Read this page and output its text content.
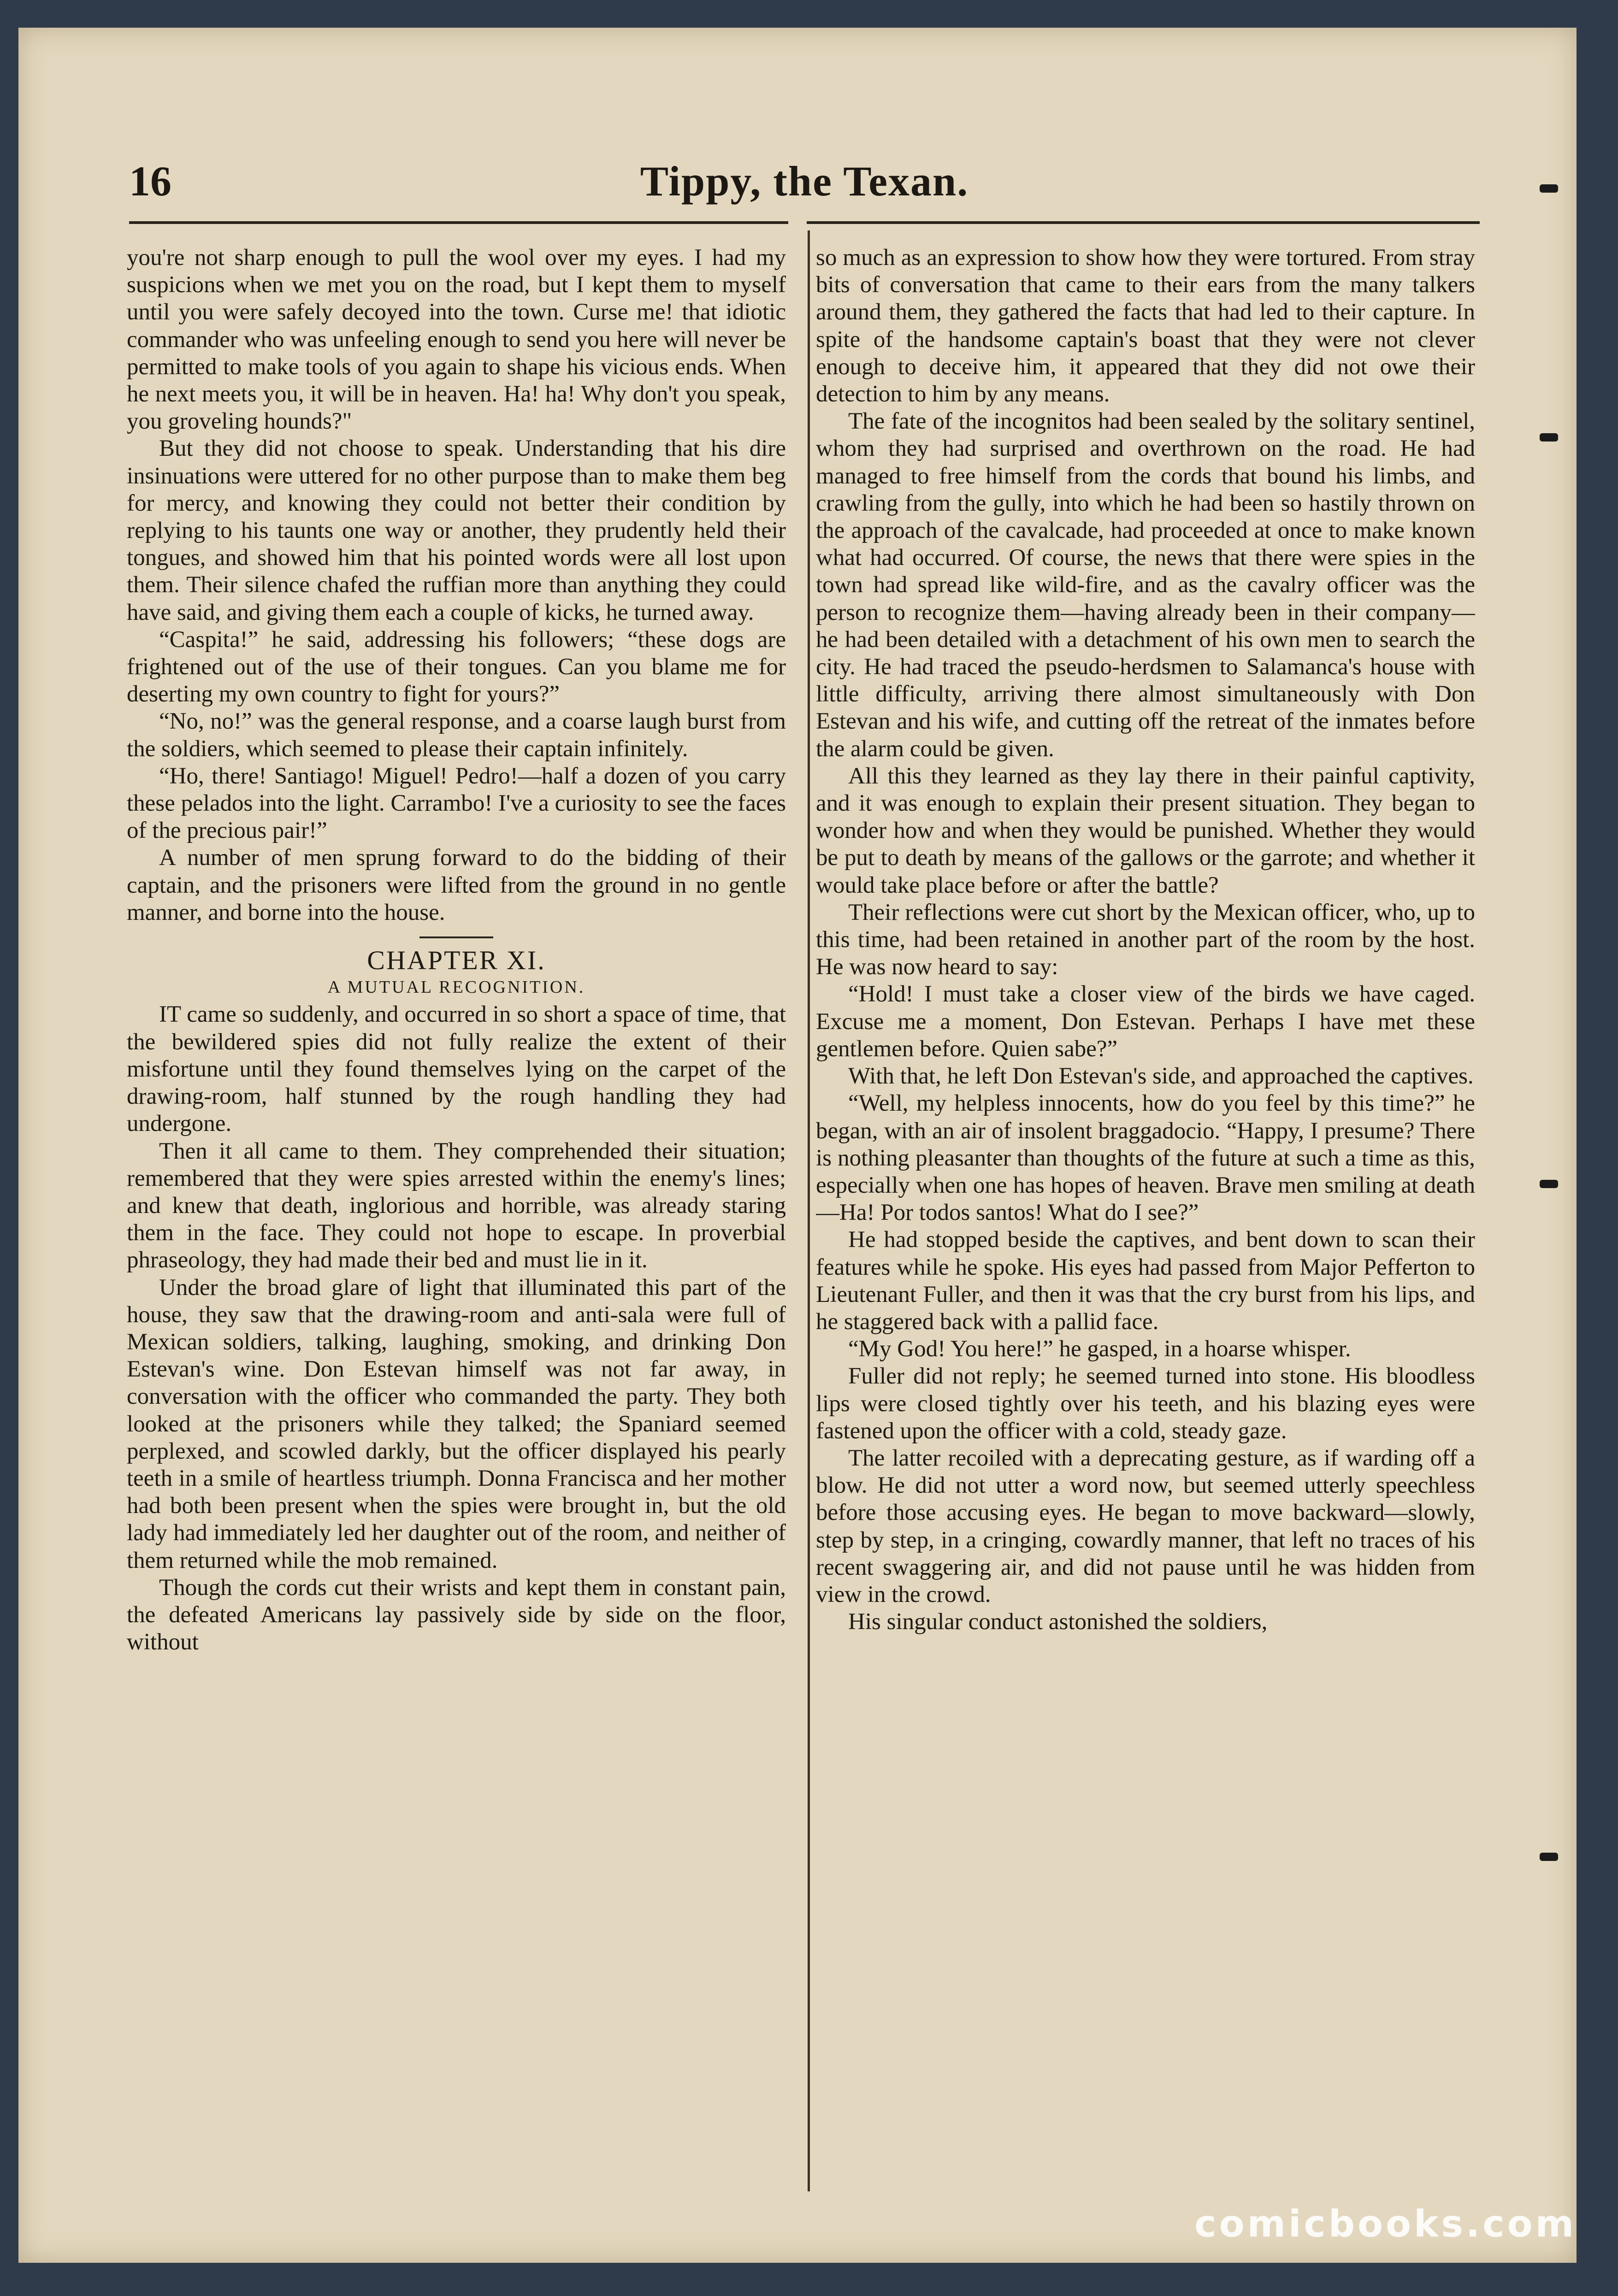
16	Tippy, the Texan.

you're not sharp enough to pull the wool over my eyes. I had my suspicions when we met you on the road, but I kept them to myself until you were safely decoyed into the town. Curse me! that idiotic commander who was unfeeling enough to send you here will never be permitted to make tools of you again to shape his vicious ends. When he next meets you, it will be in heaven. Ha! ha! Why don't you speak, you groveling hounds?"

But they did not choose to speak. Understanding that his dire insinuations were uttered for no other purpose than to make them beg for mercy, and knowing they could not better their condition by replying to his taunts one way or another, they prudently held their tongues, and showed him that his pointed words were all lost upon them. Their silence chafed the ruffian more than anything they could have said, and giving them each a couple of kicks, he turned away.

“Caspita!” he said, addressing his followers; “these dogs are frightened out of the use of their tongues. Can you blame me for deserting my own country to fight for yours?”

“No, no!” was the general response, and a coarse laugh burst from the soldiers, which seemed to please their captain infinitely.

“Ho, there! Santiago! Miguel! Pedro!—half a dozen of you carry these pelados into the light. Carrambo! I've a curiosity to see the faces of the precious pair!”

A number of men sprung forward to do the bidding of their captain, and the prisoners were lifted from the ground in no gentle manner, and borne into the house.

CHAPTER XI.

A MUTUAL RECOGNITION.

IT came so suddenly, and occurred in so short a space of time, that the bewildered spies did not fully realize the extent of their misfortune until they found themselves lying on the carpet of the drawing-room, half stunned by the rough handling they had undergone.

Then it all came to them. They comprehended their situation; remembered that they were spies arrested within the enemy's lines; and knew that death, inglorious and horrible, was already staring them in the face. They could not hope to escape. In proverbial phraseology, they had made their bed and must lie in it.

Under the broad glare of light that illuminated this part of the house, they saw that the drawing-room and anti-sala were full of Mexican soldiers, talking, laughing, smoking, and drinking Don Estevan's wine. Don Estevan himself was not far away, in conversation with the officer who commanded the party. They both looked at the prisoners while they talked; the Spaniard seemed perplexed, and scowled darkly, but the officer displayed his pearly teeth in a smile of heartless triumph. Donna Francisca and her mother had both been present when the spies were brought in, but the old lady had immediately led her daughter out of the room, and neither of them returned while the mob remained.

Though the cords cut their wrists and kept them in constant pain, the defeated Americans lay passively side by side on the floor, without

so much as an expression to show how they were tortured. From stray bits of conversation that came to their ears from the many talkers around them, they gathered the facts that had led to their capture. In spite of the handsome captain's boast that they were not clever enough to deceive him, it appeared that they did not owe their detection to him by any means.

The fate of the incognitos had been sealed by the solitary sentinel, whom they had surprised and overthrown on the road. He had managed to free himself from the cords that bound his limbs, and crawling from the gully, into which he had been so hastily thrown on the approach of the cavalcade, had proceeded at once to make known what had occurred. Of course, the news that there were spies in the town had spread like wild-fire, and as the cavalry officer was the person to recognize them—having already been in their company—he had been detailed with a detachment of his own men to search the city. He had traced the pseudo-herdsmen to Salamanca's house with little difficulty, arriving there almost simultaneously with Don Estevan and his wife, and cutting off the retreat of the inmates before the alarm could be given.

All this they learned as they lay there in their painful captivity, and it was enough to explain their present situation. They began to wonder how and when they would be punished. Whether they would be put to death by means of the gallows or the garrote; and whether it would take place before or after the battle?

Their reflections were cut short by the Mexican officer, who, up to this time, had been retained in another part of the room by the host. He was now heard to say:

“Hold! I must take a closer view of the birds we have caged. Excuse me a moment, Don Estevan. Perhaps I have met these gentlemen before. Quien sabe?”

With that, he left Don Estevan's side, and approached the captives.

“Well, my helpless innocents, how do you feel by this time?” he began, with an air of insolent braggadocio. “Happy, I presume? There is nothing pleasanter than thoughts of the future at such a time as this, especially when one has hopes of heaven. Brave men smiling at death—Ha! Por todos santos! What do I see?”

He had stopped beside the captives, and bent down to scan their features while he spoke. His eyes had passed from Major Pefferton to Lieutenant Fuller, and then it was that the cry burst from his lips, and he staggered back with a pallid face.

“My God! You here!” he gasped, in a hoarse whisper.

Fuller did not reply; he seemed turned into stone. His bloodless lips were closed tightly over his teeth, and his blazing eyes were fastened upon the officer with a cold, steady gaze.

The latter recoiled with a deprecating gesture, as if warding off a blow. He did not utter a word now, but seemed utterly speechless before those accusing eyes. He began to move backward—slowly, step by step, in a cringing, cowardly manner, that left no traces of his recent swaggering air, and did not pause until he was hidden from view in the crowd.

His singular conduct astonished the soldiers,

comicbooks.com
